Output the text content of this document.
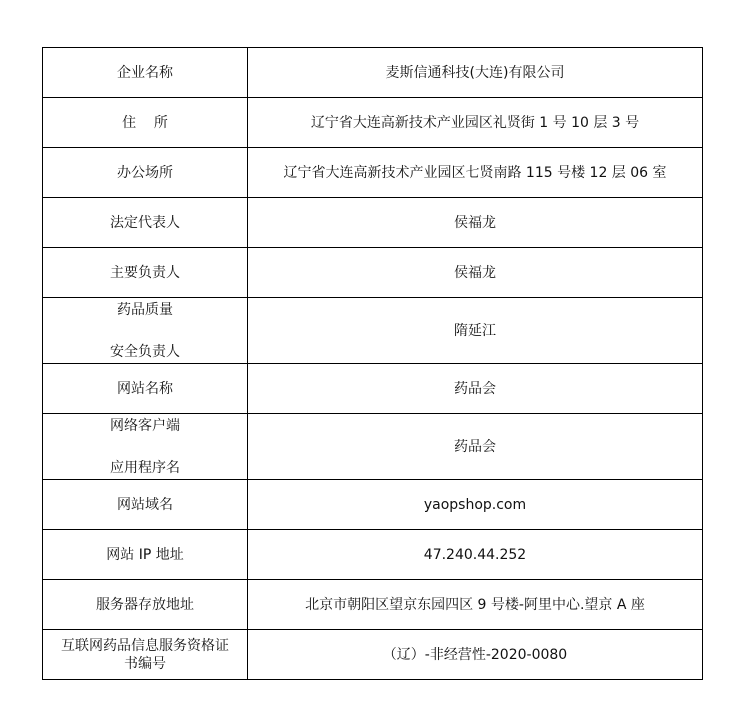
企业名称	麦斯信通科技(大连)有限公司
住    所	辽宁省大连高新技术产业园区礼贤街 1 号 10 层 3 号
办公场所	辽宁省大连高新技术产业园区七贤南路 115 号楼 12 层 06 室
法定代表人	侯福龙
主要负责人	侯福龙

药品质量
安全负责人	隋延江
网站名称	药品会

网络客户端
应用程序名	药品会
网站域名	yaopshop.com
网站 IP 地址	47.240.44.252
服务器存放地址	北京市朝阳区望京东园四区 9 号楼-阿里中心.望京 A 座

互联网药品信息服务资格证
书编号	（辽）-非经营性-2020-0080
